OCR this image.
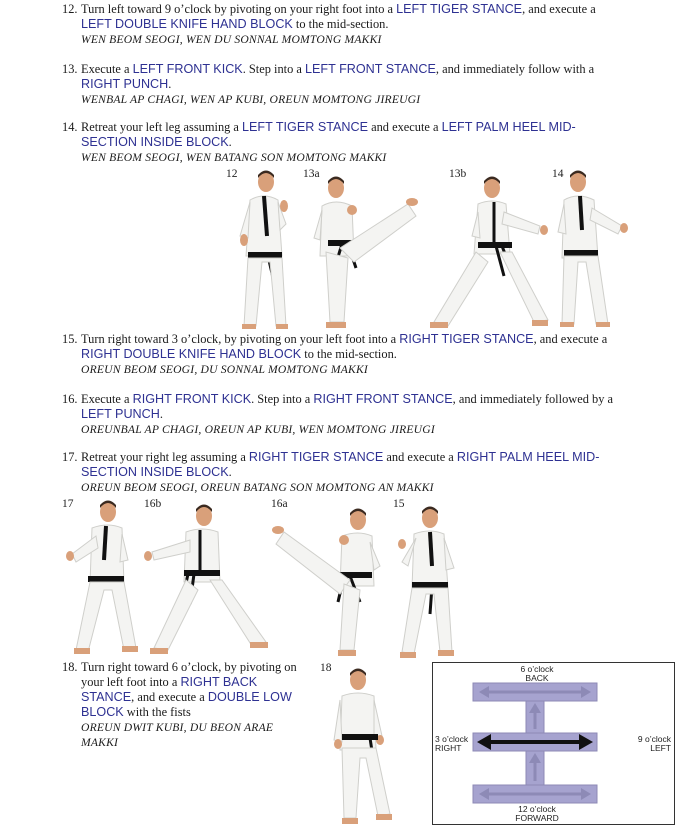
12. Turn left toward 9 o’clock by pivoting on your right foot into a LEFT TIGER STANCE, and execute a LEFT DOUBLE KNIFE HAND BLOCK to the mid-section.
WEN BEOM SEOGI, WEN DU SONNAL MOMTONG MAKKI
13. Execute a LEFT FRONT KICK. Step into a LEFT FRONT STANCE, and immediately follow with a RIGHT PUNCH.
WENBAL AP CHAGI, WEN AP KUBI, OREUN MOMTONG JIREUGI
14. Retreat your left leg assuming a LEFT TIGER STANCE and execute a LEFT PALM HEEL MID-SECTION INSIDE BLOCK.
WEN BEOM SEOGI, WEN BATANG SON MOMTONG MAKKI
12	13a	13b	14
15. Turn right toward 3 o’clock, by pivoting on your left foot into a RIGHT TIGER STANCE, and execute a RIGHT DOUBLE KNIFE HAND BLOCK to the mid-section.
OREUN BEOM SEOGI, DU SONNAL MOMTONG MAKKI
16. Execute a RIGHT FRONT KICK. Step into a RIGHT FRONT STANCE, and immediately followed by a LEFT PUNCH.
OREUNBAL AP CHAGI, OREUN AP KUBI, WEN MOMTONG JIREUGI
17. Retreat your right leg assuming a RIGHT TIGER STANCE and execute a RIGHT PALM HEEL MID-SECTION INSIDE BLOCK.
OREUN BEOM SEOGI, OREUN BATANG SON MOMTONG AN MAKKI
17	16b	16a	15
18. Turn right toward 6 o’clock, by pivoting on your left foot into a RIGHT BACK STANCE, and execute a DOUBLE LOW BLOCK with the fists
OREUN DWIT KUBI, DU BEON ARAE MAKKI
18	6 o’clock
BACK
3 o’clock
RIGHT
9 o’clock
LEFT
12 o’clock
FORWARD
